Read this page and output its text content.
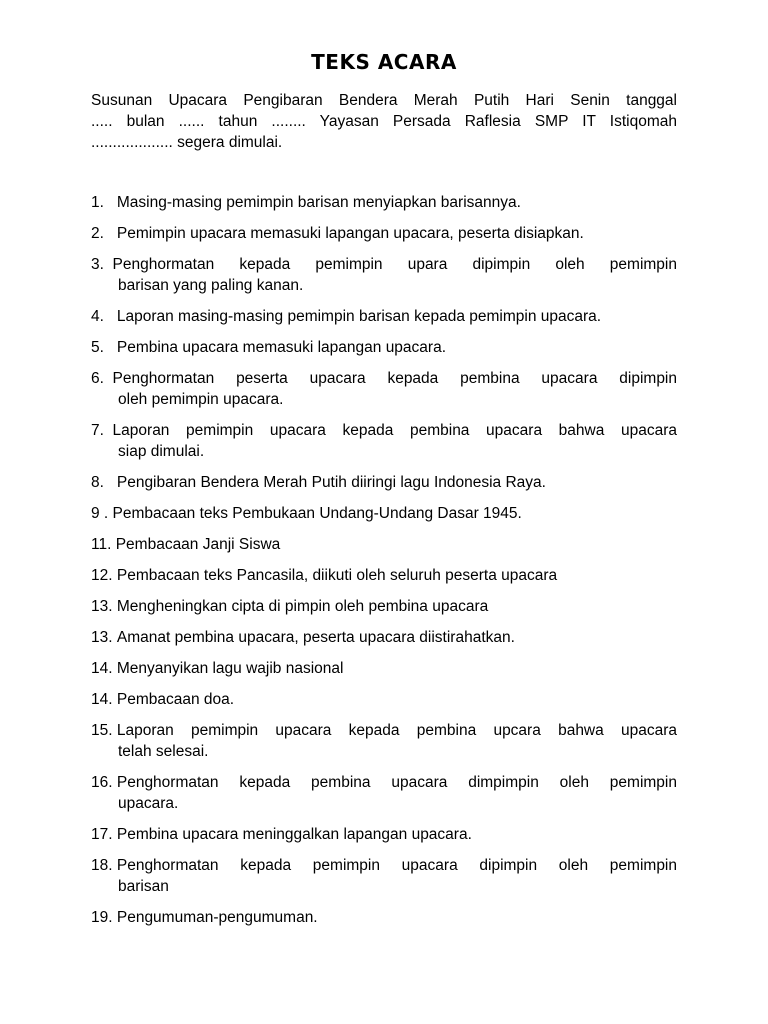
TEKS ACARA
Susunan Upacara Pengibaran Bendera Merah Putih Hari Senin tanggal
..... bulan ...... tahun ........ Yayasan Persada Raflesia SMP IT Istiqomah
................... segera dimulai.
1. Masing-masing pemimpin barisan menyiapkan barisannya.
2. Pemimpin upacara memasuki lapangan upacara, peserta disiapkan.
3. Penghormatan kepada pemimpin upara dipimpin oleh pemimpin
barisan yang paling kanan.
4. Laporan masing-masing pemimpin barisan kepada pemimpin upacara.
5. Pembina upacara memasuki lapangan upacara.
6. Penghormatan peserta upacara kepada pembina upacara dipimpin
oleh pemimpin upacara.
7. Laporan pemimpin upacara kepada pembina upacara bahwa upacara
siap dimulai.
8. Pengibaran Bendera Merah Putih diiringi lagu Indonesia Raya.
9 . Pembacaan teks Pembukaan Undang-Undang Dasar 1945.
11. Pembacaan Janji Siswa
12. Pembacaan teks Pancasila, diikuti oleh seluruh peserta upacara
13. Mengheningkan cipta di pimpin oleh pembina upacara
13. Amanat pembina upacara, peserta upacara diistirahatkan.
14. Menyanyikan lagu wajib nasional
14. Pembacaan doa.
15. Laporan pemimpin upacara kepada pembina upcara bahwa upacara
telah selesai.
16. Penghormatan kepada pembina upacara dimpimpin oleh pemimpin
upacara.
17. Pembina upacara meninggalkan lapangan upacara.
18. Penghormatan kepada pemimpin upacara dipimpin oleh pemimpin
barisan
19. Pengumuman-pengumuman.
